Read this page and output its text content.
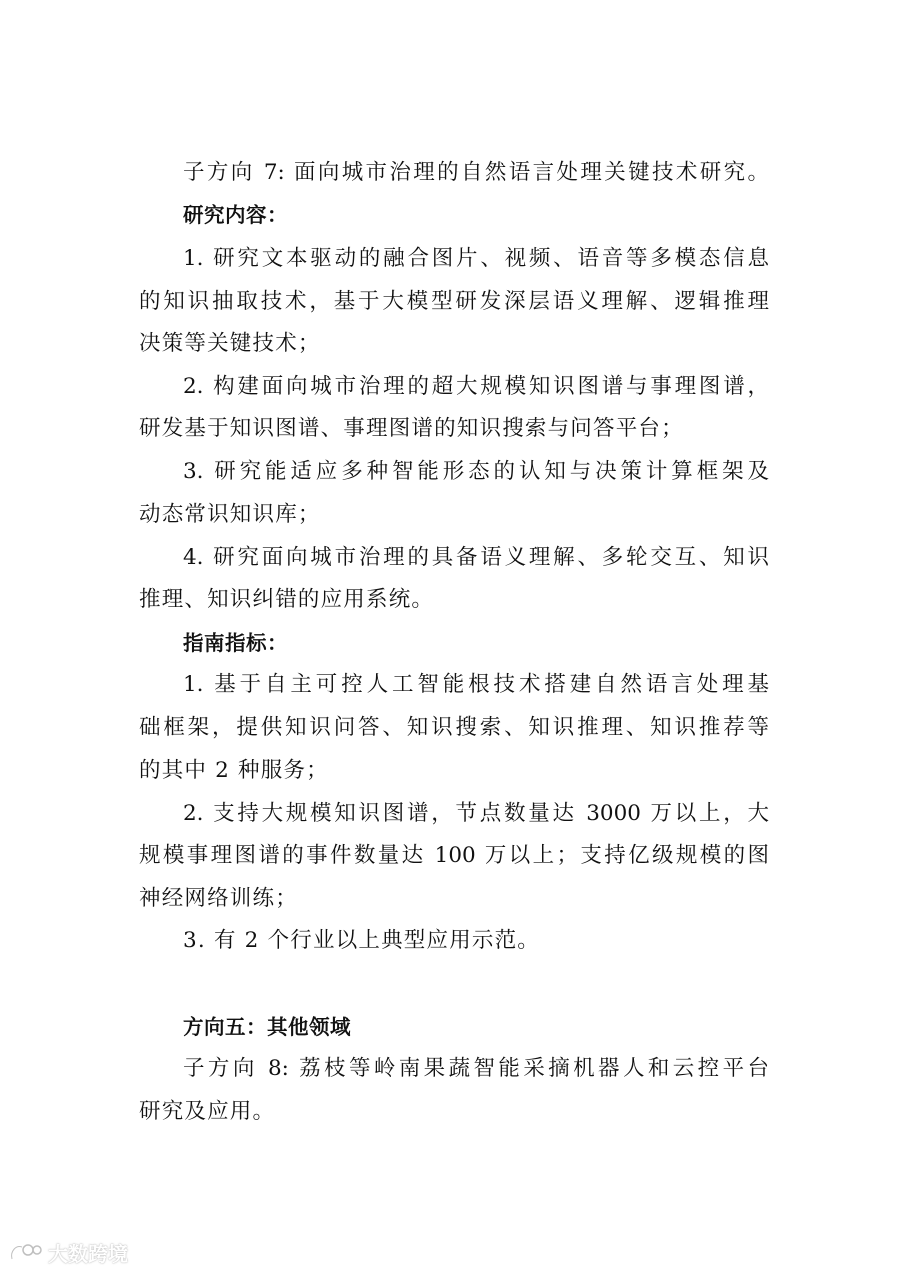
子方向 7: 面向城市治理的自然语言处理关键技术研究。
研究内容：
1. 研究文本驱动的融合图片、视频、语音等多模态信息
的知识抽取技术，基于大模型研发深层语义理解、逻辑推理
决策等关键技术；
2. 构建面向城市治理的超大规模知识图谱与事理图谱，
研发基于知识图谱、事理图谱的知识搜索与问答平台；
3. 研究能适应多种智能形态的认知与决策计算框架及
动态常识知识库；
4. 研究面向城市治理的具备语义理解、多轮交互、知识
推理、知识纠错的应用系统。
指南指标：
1. 基于自主可控人工智能根技术搭建自然语言处理基
础框架，提供知识问答、知识搜索、知识推理、知识推荐等
的其中 2 种服务；
2. 支持大规模知识图谱，节点数量达 3000 万以上，大
规模事理图谱的事件数量达 100 万以上；支持亿级规模的图
神经网络训练；
3. 有 2 个行业以上典型应用示范。
方向五：其他领域
子方向 8: 荔枝等岭南果蔬智能采摘机器人和云控平台
研究及应用。
大数跨境
